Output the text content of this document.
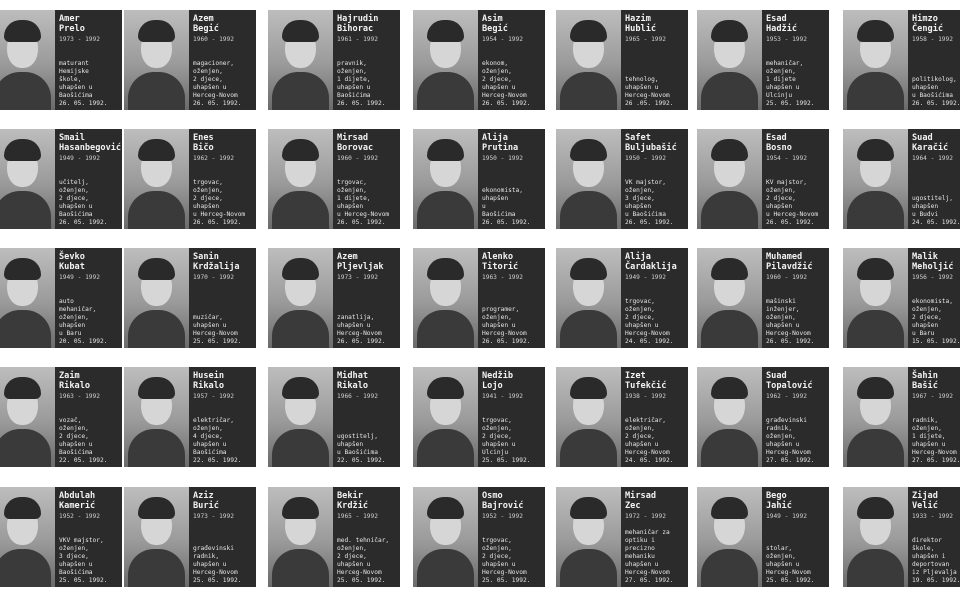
Amer
Prelo
1973 - 1992
maturant
Hemijske
škole,
uhapšen u
Baošićima
26. 05. 1992.
Azem
Begić
1960 - 1992
magacioner,
oženjen,
2 djece,
uhapšen u
Herceg-Novom
26. 05. 1992.
Hajrudin
Bihorac
1961 - 1992
pravnik,
oženjen,
1 dijete,
uhapšen u
Baošićima
26. 05. 1992.
Asim
Begić
1954 - 1992
ekonom,
oženjen,
2 djece,
uhapšen u
Herceg-Novom
26. 05. 1992.
Hazim
Hublić
1965 - 1992
tehnolog,
uhapšen u
Herceg-Novom
26 .05. 1992.
Esad
Hadžić
1953 - 1992
mehaničar,
oženjen,
1 dijete
uhapšen u
Ulcinju
25. 05. 1992.
Himzo
Čengić
1958 - 1992
politikolog,
uhapšen
u Baošićima
26. 05. 1992.
Smail
Hasanbegović
1949 - 1992
učitelj,
oženjen,
2 djece,
uhapšen u
Baošićima
26. 05. 1992.
Enes
Bičo
1962 - 1992
trgovac,
oženjen,
2 djece,
uhapšen
u Herceg-Novom
26. 05. 1992.
Mirsad
Borovac
1960 - 1992
trgovac,
oženjen,
1 dijete,
uhapšen
u Herceg-Novom
26. 05. 1992.
Alija
Prutina
1950 - 1992
ekonomista,
uhapšen
u
Baošićima
26. 05. 1992.
Safet
Buljubašić
1950 - 1992
VK majstor,
oženjen,
3 djece,
uhapšen
u Baošićima
26. 05. 1992.
Esad
Bosno
1954 - 1992
KV majstor,
oženjen,
2 djece,
uhapšen
u Herceg-Novom
26. 05. 1992.
Suad
Karačić
1964 - 1992
ugostitelj,
uhapšen
u Budvi
24. 05. 1992.
Ševko
Kubat
1949 - 1992
auto
mehaničar,
oženjen,
uhapšen
u Baru
20. 05. 1992.
Sanin
Krdžalija
1970 - 1992
muzičar,
uhapšen u
Herceg-Novom
25. 05. 1992.
Azem
Pljevljak
1973 - 1992
zanatlija,
uhapšen u
Herceg-Novom
26. 05. 1992.
Alenko
Titorić
1963 - 1992
programer,
oženjen,
uhapšen u
Herceg-Novom
26. 05. 1992.
Alija
Čardaklija
1949 - 1992
trgovac,
oženjen,
2 djece,
uhapšen u
Herceg-Novom
24. 05. 1992.
Muhamed
Pilavdžić
1960 - 1992
mašinski
inženjer,
oženjen,
uhapšen u
Herceg-Novom
26. 05. 1992.
Malik
Meholjić
1956 - 1992
ekonomista,
oženjen,
2 djece,
uhapšen
u Baru
15. 05. 1992.
Zaim
Rikalo
1963 - 1992
vozač,
oženjen,
2 djece,
uhapšen u
Baošićima
22. 05. 1992.
Husein
Rikalo
1957 - 1992
električar,
oženjen,
4 djece,
uhapšen u
Baošićima
22. 05. 1992.
Midhat
Rikalo
1966 - 1992
ugostitelj,
uhapšen
u Baošićima
22. 05. 1992.
Nedžib
Lojo
1941 - 1992
trgovac,
oženjen,
2 djece,
uhapšen u
Ulcinju
25. 05. 1992.
Izet
Tufekčić
1938 - 1992
električar,
oženjen,
2 djece,
uhapšen u
Herceg-Novom
24. 05. 1992.
Suad
Topalović
1962 - 1992
građevinski
radnik,
oženjen,
uhapšen u
Herceg-Novom
27. 05. 1992.
Šahin
Bašić
1967 - 1992
radnik,
oženjen,
1 dijete,
uhapšen u
Herceg-Novom
27. 05. 1992.
Abdulah
Kamerić
1952 - 1992
VKV majstor,
oženjen,
3 djece,
uhapšen u
Baošićima
25. 05. 1992.
Aziz
Burić
1973 - 1992
građevinski
radnik,
uhapšen u
Herceg-Novom
25. 05. 1992.
Bekir
Krdžić
1965 - 1992
med. tehničar,
oženjen,
2 djece,
uhapšen u
Herceg-Novom
25. 05. 1992.
Osmo
Bajrović
1952 - 1992
trgovac,
oženjen,
2 djece,
uhapšen u
Herceg-Novom
25. 05. 1992.
Mirsad
Zec
1972 - 1992
mehaničar za
optiku i
precizno mehaniku
uhapšen u
Herceg-Novom
27. 05. 1992.
Bego
Jahić
1949 - 1992
stolar,
oženjen,
uhapšen u
Herceg-Novom
25. 05. 1992.
Zijad
Velić
1933 - 1992
direktor
škole,
uhapšen i
deportovan
iz Pljevalja
19. 05. 1992.
